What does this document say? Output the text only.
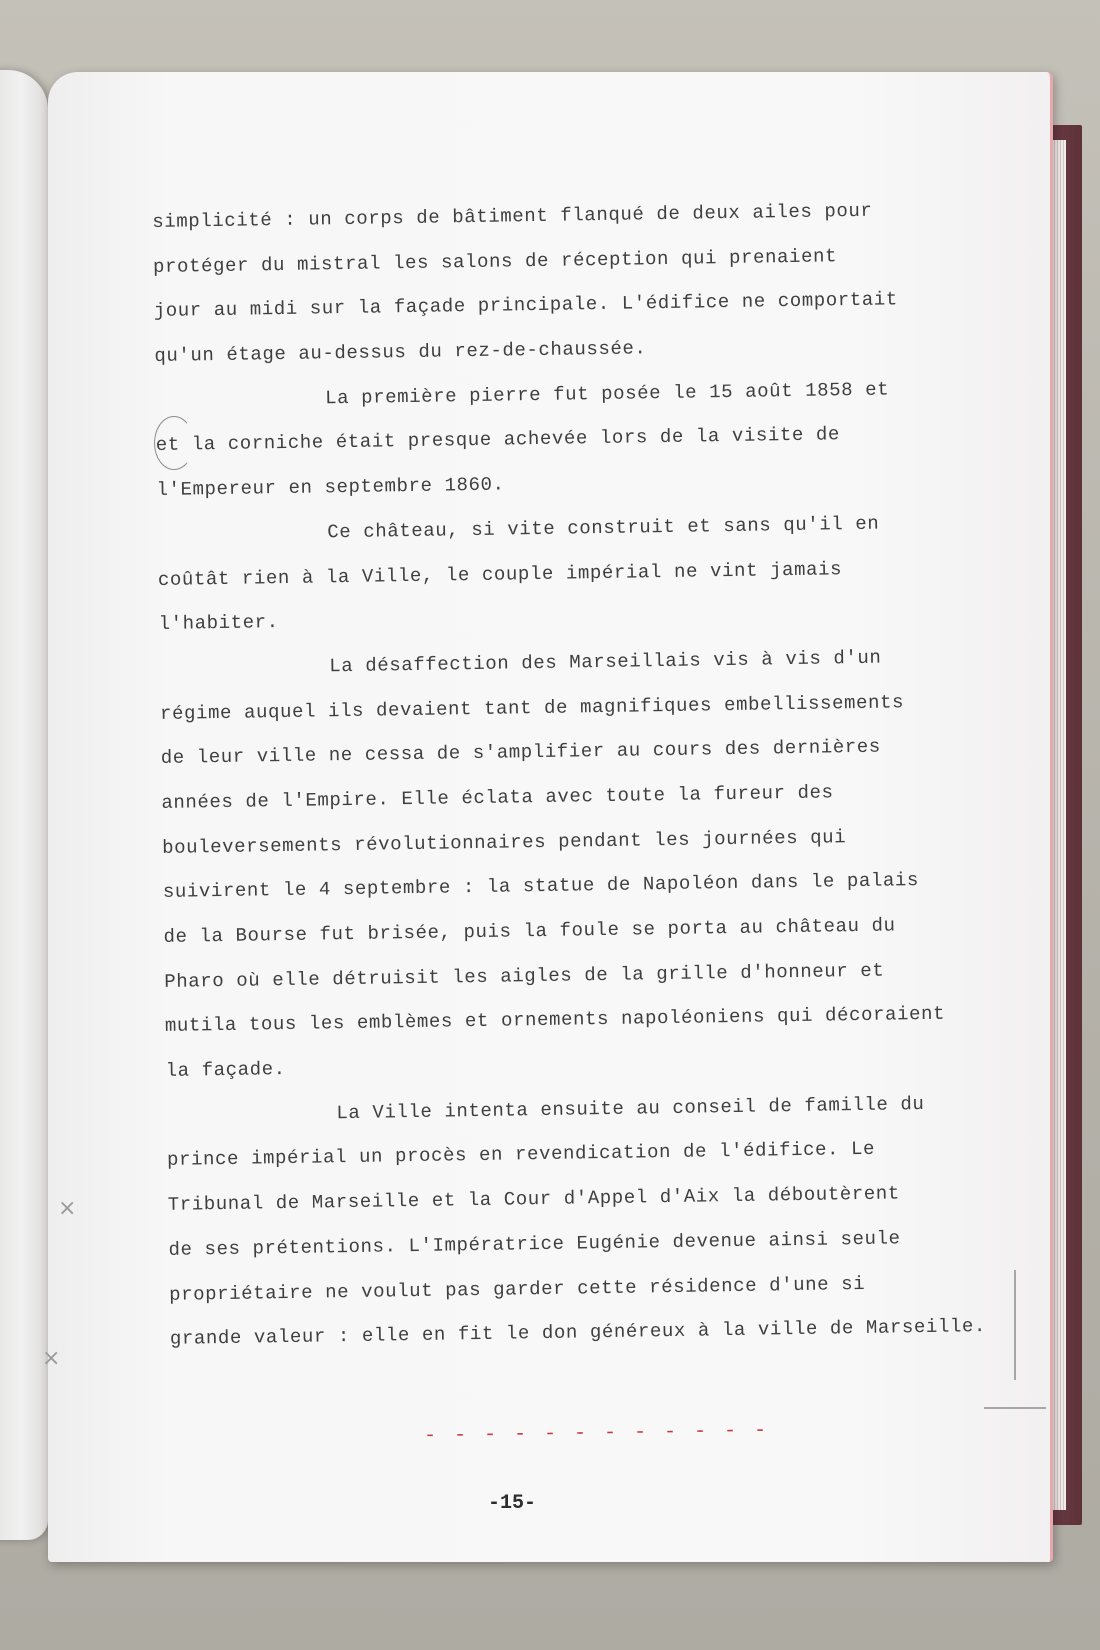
simplicité : un corps de bâtiment flanqué de deux ailes pour
protéger du mistral les salons de réception qui prenaient
jour au midi sur la façade principale. L'édifice ne comportait
qu'un étage au-dessus du rez-de-chaussée.
La première pierre fut posée le 15 août 1858 et
et la corniche était presque achevée lors de la visite de
l'Empereur en septembre 1860.
Ce château, si vite construit et sans qu'il en
coûtât rien à la Ville, le couple impérial ne vint jamais
l'habiter.
La désaffection des Marseillais vis à vis d'un
régime auquel ils devaient tant de magnifiques embellissements
de leur ville ne cessa de s'amplifier au cours des dernières
années de l'Empire. Elle éclata avec toute la fureur des
bouleversements révolutionnaires pendant les journées qui
suivirent le 4 septembre : la statue de Napoléon dans le palais
de la Bourse fut brisée, puis la foule se porta au château du
Pharo où elle détruisit les aigles de la grille d'honneur et
mutila tous les emblèmes et ornements napoléoniens qui décoraient
la façade.
La Ville intenta ensuite au conseil de famille du
prince impérial un procès en revendication de l'édifice. Le
Tribunal de Marseille et la Cour d'Appel d'Aix la déboutèrent
de ses prétentions. L'Impératrice Eugénie devenue ainsi seule
propriétaire ne voulut pas garder cette résidence d'une si
grande valeur : elle en fit le don généreux à la ville de Marseille.
×
×
- - - - - - - - - - - -
-15-
